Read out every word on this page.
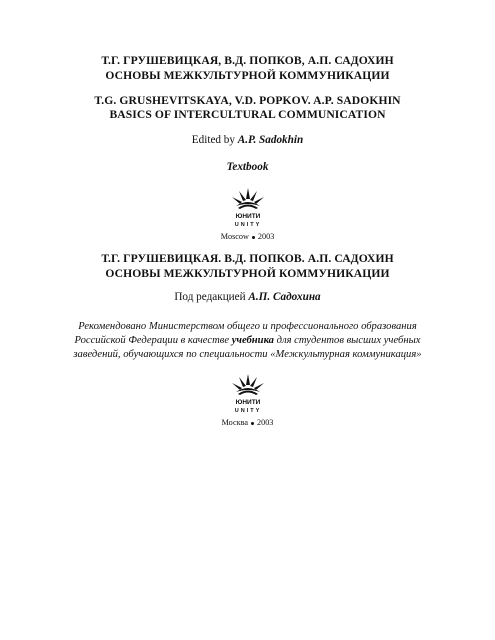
Т.Г. ГРУШЕВИЦКАЯ, В.Д. ПОПКОВ, А.П. САДОХИН
ОСНОВЫ МЕЖКУЛЬТУРНОЙ КОММУНИКАЦИИ
T.G. GRUSHEVITSKAYA, V.D. POPKOV. A.P. SADOKHIN
BASICS OF INTERCULTURAL COMMUNICATION
Edited by A.P. Sadokhin
Textbook
ЮНИТИ
UNITY
Moscow 2003
Т.Г. ГРУШЕВИЦКАЯ. В.Д. ПОПКОВ. А.П. САДОХИН
ОСНОВЫ МЕЖКУЛЬТУРНОЙ КОММУНИКАЦИИ
Под редакцией А.П. Садохина
Рекомендовано Министерством общего и профессионального образования
Российской Федерации в качестве учебника для студентов высших учебных
заведений, обучающихся по специальности «Межкультурная коммуникация»
ЮНИТИ
UNITY
Москва 2003
